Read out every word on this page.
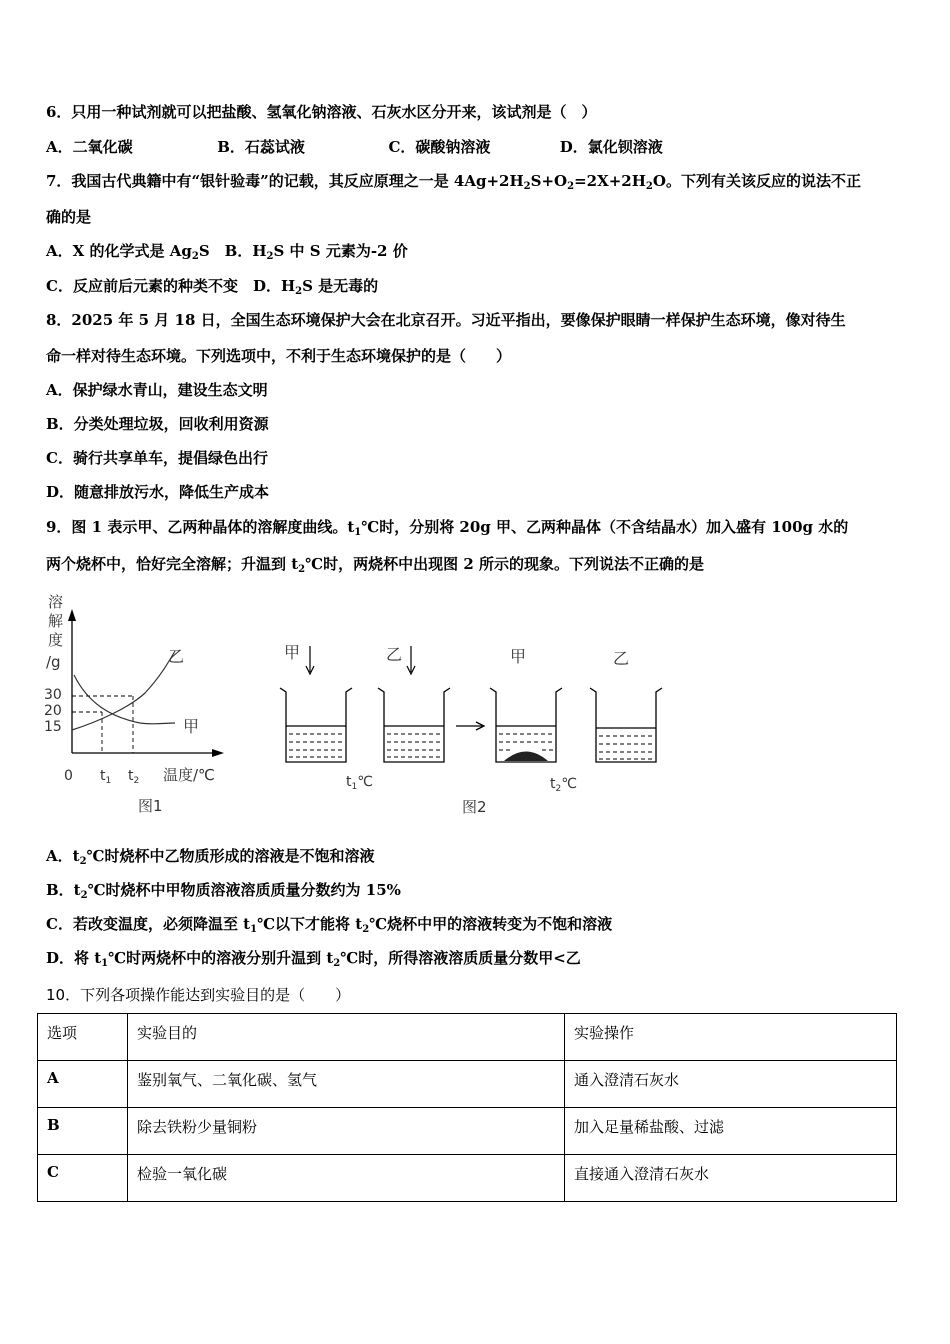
6．只用一种试剂就可以把盐酸、氢氧化钠溶液、石灰水区分开来，该试剂是（　）
A．二氧化碳	B．石蕊试液	C．碳酸钠溶液	D．氯化钡溶液
7．我国古代典籍中有“银针验毒”的记载，其反应原理之一是 $4Ag+2H_2S+O_2=2X+2H_2O$。下列有关该反应的说法不正
确的是
A．X 的化学式是 $Ag_2S$　B．$H_2S$ 中 S 元素为-2 价
C．反应前后元素的种类不变　D．$H_2S$ 是无毒的
8．2025 年 5 月 18 日，全国生态环境保护大会在北京召开。习近平指出，要像保护眼睛一样保护生态环境，像对待生
命一样对待生态环境。下列选项中，不利于生态环境保护的是（　　）
A．保护绿水青山，建设生态文明
B．分类处理垃圾，回收利用资源
C．骑行共享单车，提倡绿色出行
D．随意排放污水，降低生产成本
9．图 1 表示甲、乙两种晶体的溶解度曲线。$t_1℃$时，分别将 20g 甲、乙两种晶体（不含结晶水）加入盛有 100g 水的
两个烧杯中，恰好完全溶解；升温到 $t_2℃$时，两烧杯中出现图 2 所示的现象。下列说法不正确的是
溶
解
度
/g
30
20
15
0 $t_1$ $t_2$ 温度/℃
乙
甲
图1
甲	乙	甲	乙
$t_1℃$	$t_2℃$
图2
A．$t_2℃$时烧杯中乙物质形成的溶液是不饱和溶液
B．$t_2℃$时烧杯中甲物质溶液溶质质量分数约为 15%
C．若改变温度，必须降温至 $t_1℃$以下才能将 $t_2℃$烧杯中甲的溶液转变为不饱和溶液
D．将 $t_1℃$时两烧杯中的溶液分别升温到 $t_2℃$时，所得溶液溶质质量分数甲<乙
10．下列各项操作能达到实验目的是（　　）
选项	实验目的	实验操作
A	鉴别氧气、二氧化碳、氢气	通入澄清石灰水
B	除去铁粉少量铜粉	加入足量稀盐酸、过滤
C	检验一氧化碳	直接通入澄清石灰水
